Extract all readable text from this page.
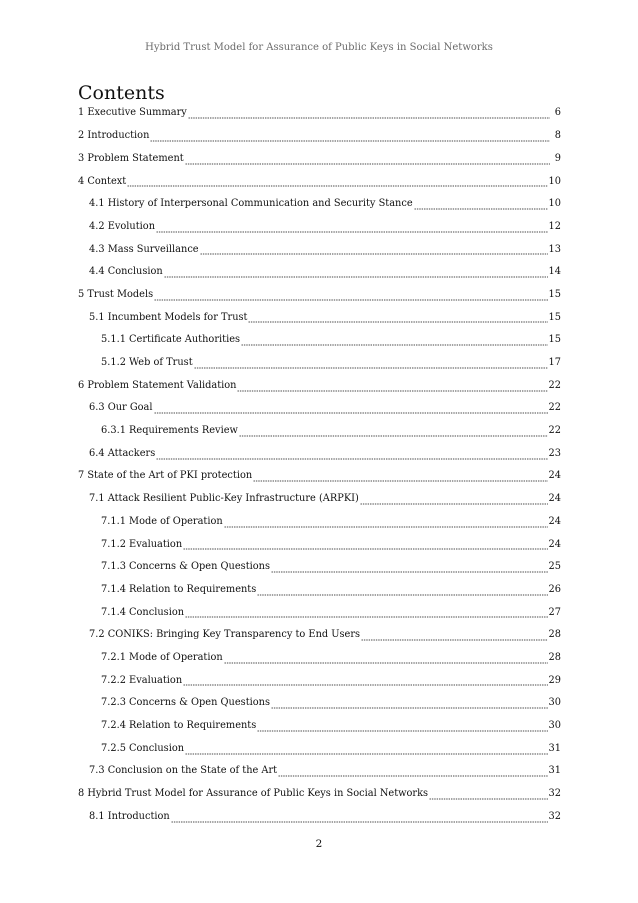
Hybrid Trust Model for Assurance of Public Keys in Social Networks
Contents
1 Executive Summary	6
2 Introduction	8
3 Problem Statement	9
4 Context	10
4.1 History of Interpersonal Communication and Security Stance	10
4.2 Evolution	12
4.3 Mass Surveillance	13
4.4 Conclusion	14
5 Trust Models	15
5.1 Incumbent Models for Trust	15
5.1.1 Certificate Authorities	15
5.1.2 Web of Trust	17
6 Problem Statement Validation	22
6.3 Our Goal	22
6.3.1 Requirements Review	22
6.4 Attackers	23
7 State of the Art of PKI protection	24
7.1 Attack Resilient Public-Key Infrastructure (ARPKI)	24
7.1.1 Mode of Operation	24
7.1.2 Evaluation	24
7.1.3 Concerns & Open Questions	25
7.1.4 Relation to Requirements	26
7.1.4 Conclusion	27
7.2 CONIKS: Bringing Key Transparency to End Users	28
7.2.1 Mode of Operation	28
7.2.2 Evaluation	29
7.2.3 Concerns & Open Questions	30
7.2.4 Relation to Requirements	30
7.2.5 Conclusion	31
7.3 Conclusion on the State of the Art	31
8 Hybrid Trust Model for Assurance of Public Keys in Social Networks	32
8.1 Introduction	32
2
